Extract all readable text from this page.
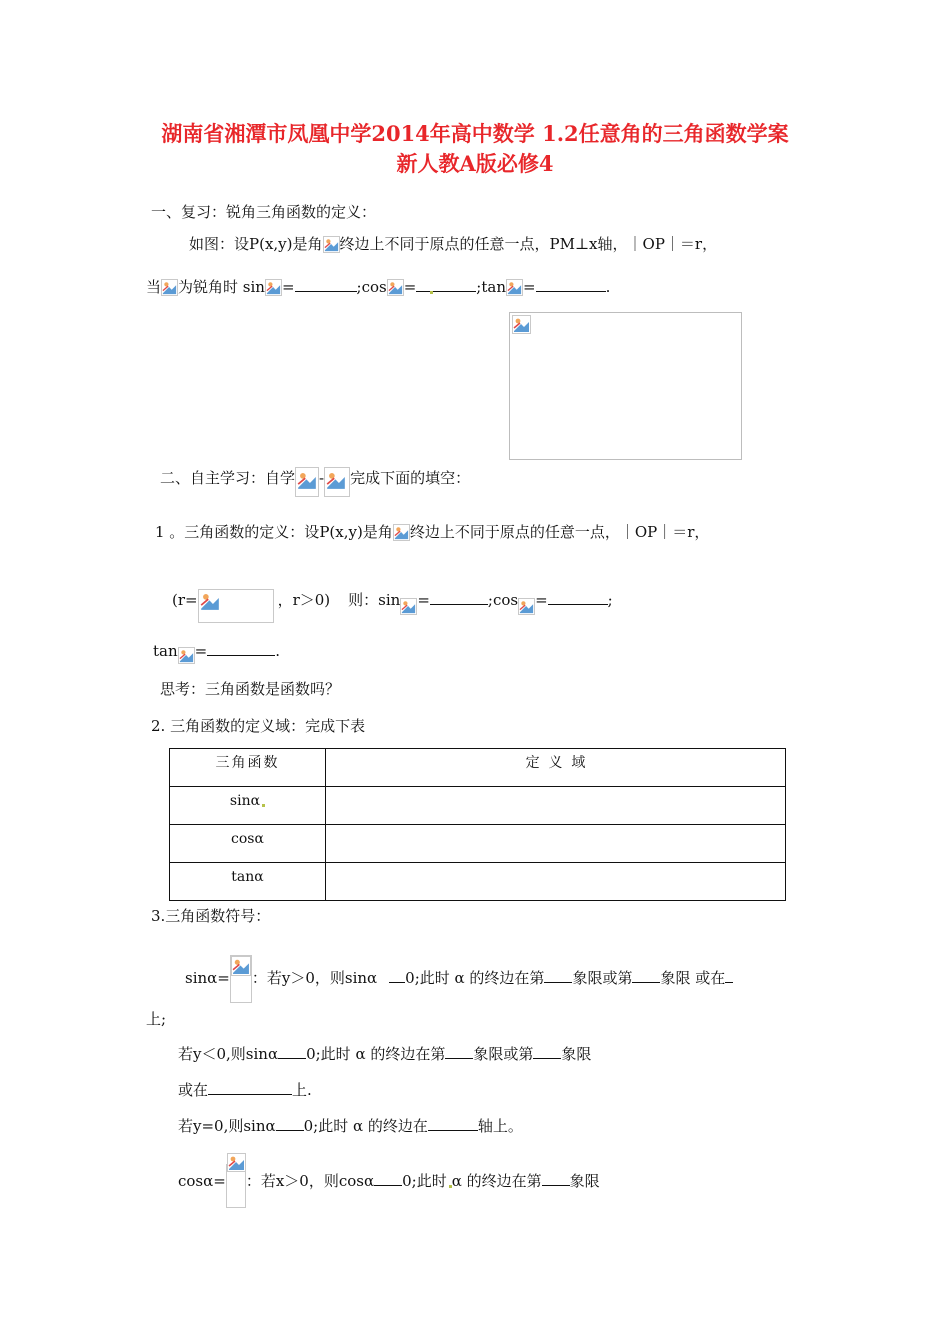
湖南省湘潭市凤凰中学2014年高中数学 1.2任意角的三角函数学案
新人教A版必修4
一、复习：锐角三角函数的定义：
如图：设P(x,y)是角 终边上不同于原点的任意一点，PM⊥x轴，｜OP｜＝r，
当 为锐角时 sin =	;cos =	;tan =	.
二、自主学习：自学 - 完成下面的填空：
1 。三角函数的定义：设P(x,y)是角 终边上不同于原点的任意一点，｜OP｜＝r，
(r=	，r＞0) 则：sin =	;cos =	;
tan =	.
思考：三角函数是函数吗？
2. 三角函数的定义域：完成下表
三角函数	定  义  域

sinα	

cosα	

tanα	

3.三角函数符号：
sinα= ：若y＞0，则sinα 0;此时 α 的终边在第 象限或第 象限 或在
上;
若y＜0,则sinα 0;此时 α 的终边在第 象限或第 象限
或在	上.
若y=0,则sinα 0;此时 α 的终边在	轴上。
cosα= ：若x＞0，则cosα 0;此时 α 的终边在第 象限
